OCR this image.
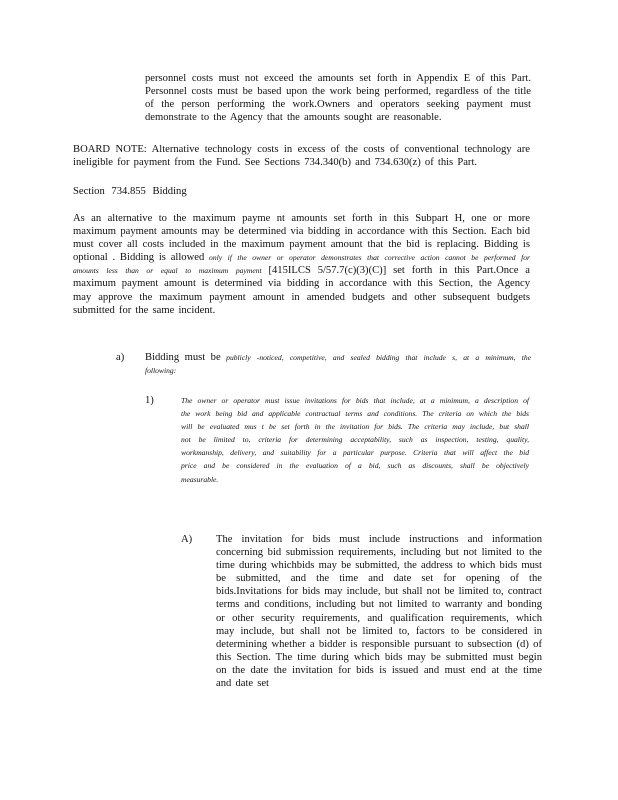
personnel costs must not exceed the amounts set forth in Appendix E of this Part. Personnel costs must be based upon the work being performed, regardless of the title of the person performing the work.Owners and operators seeking payment must demonstrate to the Agency that the amounts sought are reasonable.

BOARD NOTE: Alternative technology costs in excess of the costs of conventional technology are ineligible for payment from the Fund. See Sections 734.340(b) and 734.630(z) of this Part.

Section 734.855 Bidding

As an alternative to the maximum payme nt amounts set forth in this Subpart H, one or more maximum payment amounts may be determined via bidding in accordance with this Section. Each bid must cover all costs included in the maximum payment amount that the bid is replacing. Bidding is optional . Bidding is allowed only if the owner or operator demonstrates that corrective action cannot be performed for amounts less than or equal to maximum payment [415ILCS 5/57.7(c)(3)(C)] set forth in this Part.Once a maximum payment amount is determined via bidding in accordance with this Section, the Agency may approve the maximum payment amount in amended budgets and other subsequent budgets submitted for the same incident.
a) Bidding must be publicly -noticed, competitive, and sealed bidding that include s, at a minimum, the following:
1)	The owner or operator must issue invitations for bids that include, at a minimum, a description of the work being bid and applicable contractual terms and conditions. The criteria on which the bids will be evaluated mus t be set forth in the invitation for bids. The criteria may include, but shall not be limited to, criteria for determining acceptability, such as inspection, testing, quality, workmanship, delivery, and suitability for a particular purpose. Criteria that will affect the bid price and be considered in the evaluation of a bid, such as discounts, shall be objectively measurable.

A) The invitation for bids must include instructions and information concerning bid submission requirements, including but not limited to the time during whichbids may be submitted, the address to which bids must be submitted, and the time and date set for opening of the bids.Invitations for bids may include, but shall not be limited to, contract terms and conditions, including but not limited to warranty and bonding or other security requirements, and qualification requirements, which may include, but shall not be limited to, factors to be considered in determining whether a bidder is responsible pursuant to subsection (d) of this Section. The time during which bids may be submitted must begin on the date the invitation for bids is issued and must end at the time and date set
